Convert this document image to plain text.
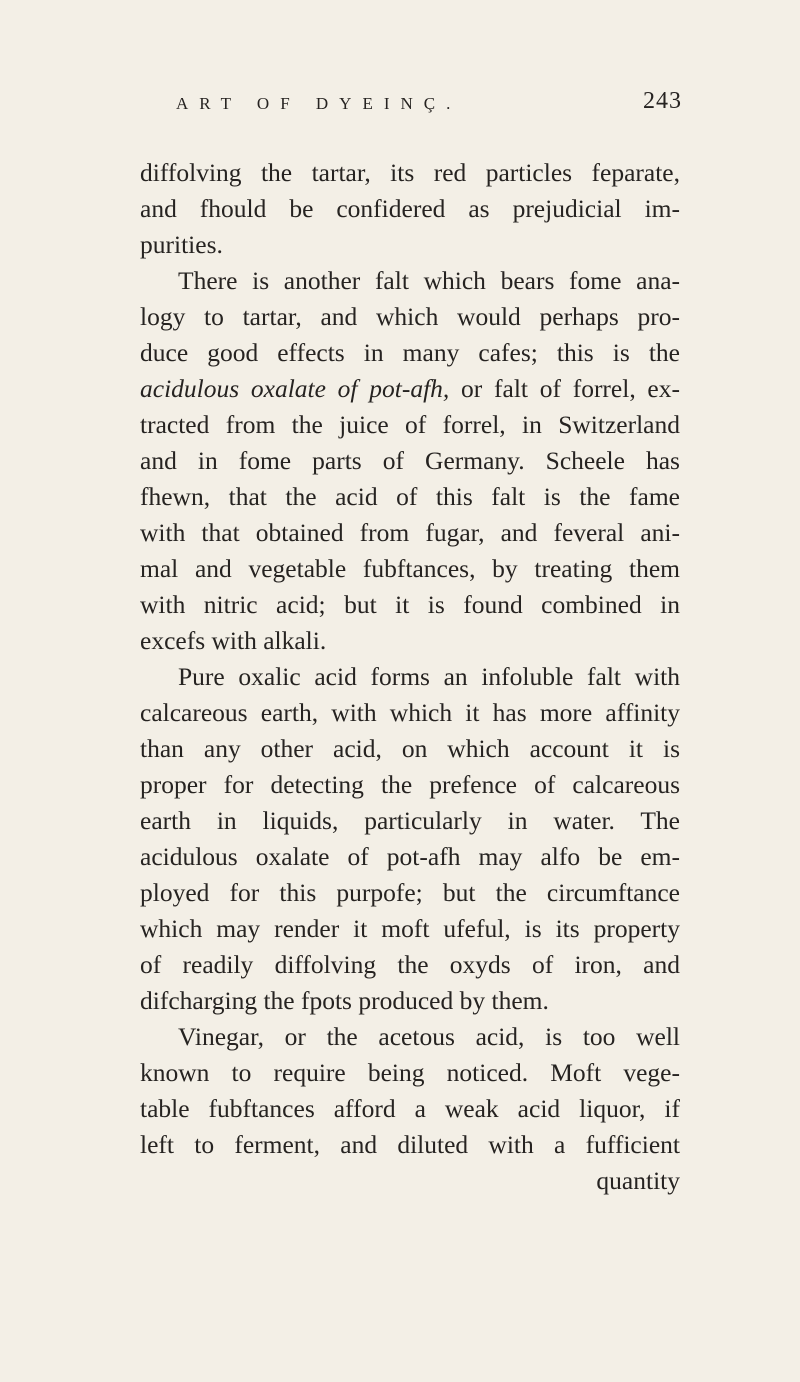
ART OF DYEINÇ.	243
diffolving the tartar, its red particles feparate,
and fhould be confidered as prejudicial im-
purities.
There is another falt which bears fome ana-
logy to tartar, and which would perhaps pro-
duce good effects in many cafes; this is the
acidulous oxalate of pot-afh, or falt of forrel, ex-
tracted from the juice of forrel, in Switzerland
and in fome parts of Germany. Scheele has
fhewn, that the acid of this falt is the fame
with that obtained from fugar, and feveral ani-
mal and vegetable fubftances, by treating them
with nitric acid; but it is found combined in
excefs with alkali.
Pure oxalic acid forms an infoluble falt with
calcareous earth, with which it has more affinity
than any other acid, on which account it is
proper for detecting the prefence of calcareous
earth in liquids, particularly in water. The
acidulous oxalate of pot-afh may alfo be em-
ployed for this purpofe; but the circumftance
which may render it moft ufeful, is its property
of readily diffolving the oxyds of iron, and
difcharging the fpots produced by them.
Vinegar, or the acetous acid, is too well
known to require being noticed. Moft vege-
table fubftances afford a weak acid liquor, if
left to ferment, and diluted with a fufficient
quantity
